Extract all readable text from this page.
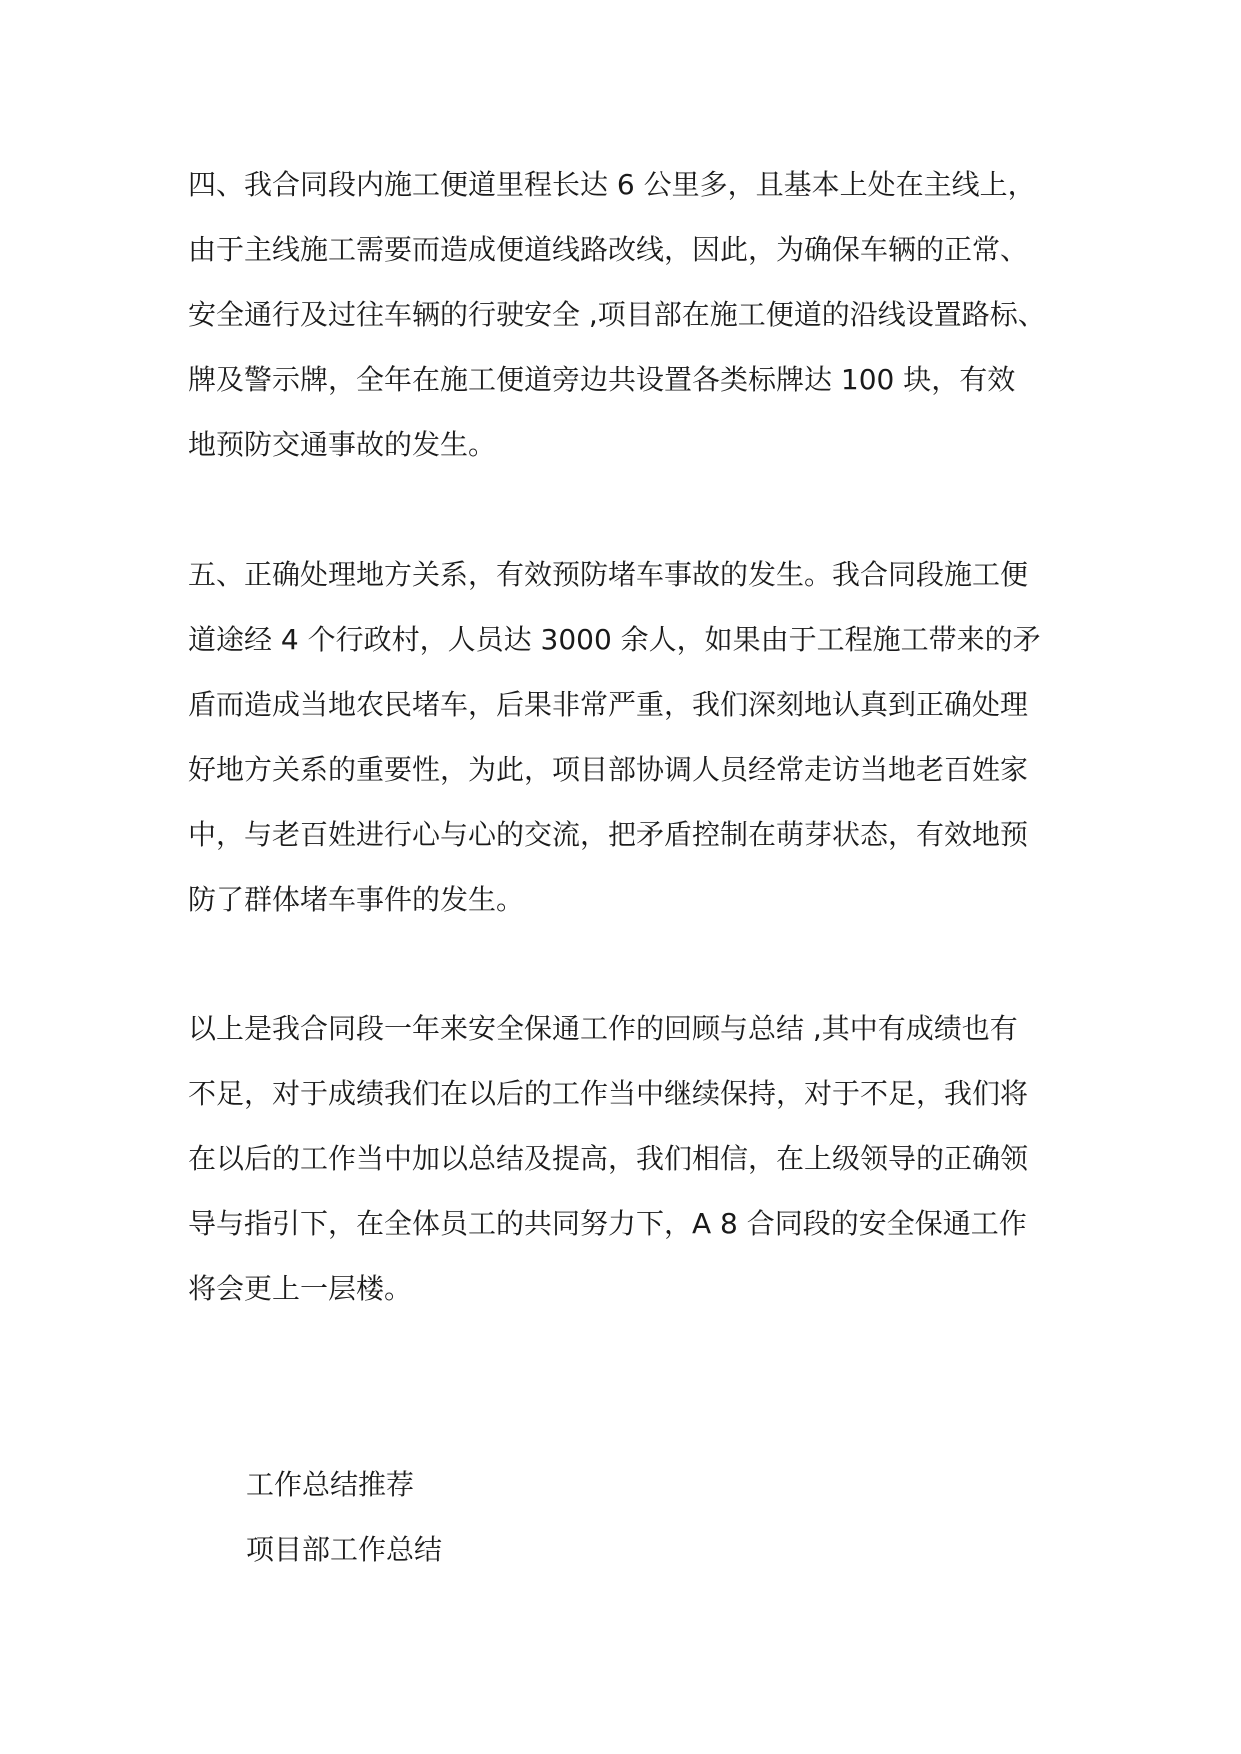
四、我合同段内施工便道里程长达 6 公里多，且基本上处在主线上，
由于主线施工需要而造成便道线路改线，因此，为确保车辆的正常、
安全通行及过往车辆的行驶安全 ,项目部在施工便道的沿线设置路标、
牌及警示牌，全年在施工便道旁边共设置各类标牌达 100 块，有效
地预防交通事故的发生。
五、正确处理地方关系，有效预防堵车事故的发生。我合同段施工便
道途经 4 个行政村，人员达 3000 余人，如果由于工程施工带来的矛
盾而造成当地农民堵车，后果非常严重，我们深刻地认真到正确处理
好地方关系的重要性，为此，项目部协调人员经常走访当地老百姓家
中，与老百姓进行心与心的交流，把矛盾控制在萌芽状态，有效地预
防了群体堵车事件的发生。
以上是我合同段一年来安全保通工作的回顾与总结 ,其中有成绩也有
不足，对于成绩我们在以后的工作当中继续保持，对于不足，我们将
在以后的工作当中加以总结及提高，我们相信，在上级领导的正确领
导与指引下，在全体员工的共同努力下，A 8 合同段的安全保通工作
将会更上一层楼。
工作总结推荐
项目部工作总结
